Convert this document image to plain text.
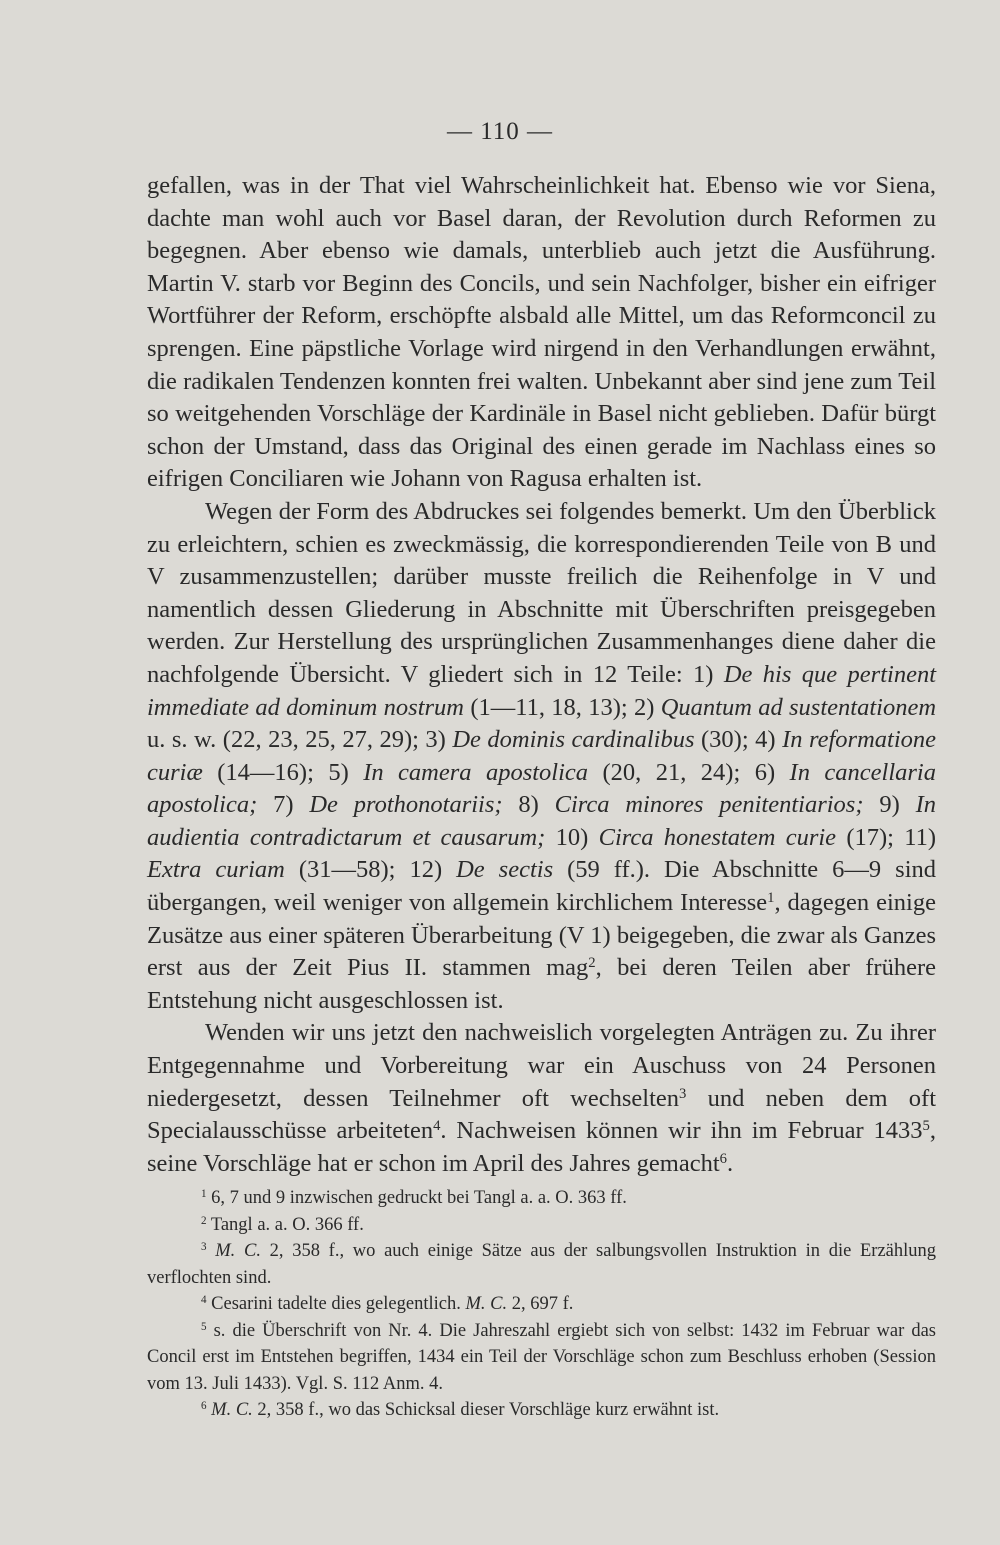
— 110 —

gefallen, was in der That viel Wahrscheinlichkeit hat. Ebenso wie vor Siena, dachte man wohl auch vor Basel daran, der Revolution durch Reformen zu begegnen. Aber ebenso wie damals, unterblieb auch jetzt die Ausführung. Martin V. starb vor Beginn des Concils, und sein Nachfolger, bisher ein eifriger Wortführer der Reform, erschöpfte alsbald alle Mittel, um das Reformconcil zu sprengen. Eine päpstliche Vorlage wird nirgend in den Verhandlungen erwähnt, die radikalen Tendenzen konnten frei walten. Unbekannt aber sind jene zum Teil so weitgehenden Vorschläge der Kardinäle in Basel nicht geblieben. Dafür bürgt schon der Umstand, dass das Original des einen gerade im Nachlass eines so eifrigen Conciliaren wie Johann von Ragusa erhalten ist.

Wegen der Form des Abdruckes sei folgendes bemerkt. Um den Überblick zu erleichtern, schien es zweckmässig, die korrespondierenden Teile von B und V zusammenzustellen; darüber musste freilich die Reihenfolge in V und namentlich dessen Gliederung in Abschnitte mit Überschriften preisgegeben werden. Zur Herstellung des ursprünglichen Zusammenhanges diene daher die nachfolgende Übersicht. V gliedert sich in 12 Teile: 1) De his que pertinent immediate ad dominum nostrum (1—11, 18, 13); 2) Quantum ad sustentationem u. s. w. (22, 23, 25, 27, 29); 3) De dominis cardinalibus (30); 4) In reformatione curiæ (14—16); 5) In camera apostolica (20, 21, 24); 6) In cancellaria apostolica; 7) De prothonotariis; 8) Circa minores penitentiarios; 9) In audientia contradictarum et causarum; 10) Circa honestatem curie (17); 11) Extra curiam (31—58); 12) De sectis (59 ff.). Die Abschnitte 6—9 sind übergangen, weil weniger von allgemein kirchlichem Interesse$^1$, dagegen einige Zusätze aus einer späteren Überarbeitung (V 1) beigegeben, die zwar als Ganzes erst aus der Zeit Pius II. stammen mag$^2$, bei deren Teilen aber frühere Entstehung nicht ausgeschlossen ist.

Wenden wir uns jetzt den nachweislich vorgelegten Anträgen zu. Zu ihrer Entgegennahme und Vorbereitung war ein Auschuss von 24 Personen niedergesetzt, dessen Teilnehmer oft wechselten$^3$ und neben dem oft Specialausschüsse arbeiteten$^4$. Nachweisen können wir ihn im Februar 1433$^5$, seine Vorschläge hat er schon im April des Jahres gemacht$^6$.

$^1$ 6, 7 und 9 inzwischen gedruckt bei Tangl a. a. O. 363 ff.

$^2$ Tangl a. a. O. 366 ff.

$^3$ M. C. 2, 358 f., wo auch einige Sätze aus der salbungsvollen Instruktion in die Erzählung verflochten sind.

$^4$ Cesarini tadelte dies gelegentlich. M. C. 2, 697 f.

$^5$ s. die Überschrift von Nr. 4. Die Jahreszahl ergiebt sich von selbst: 1432 im Februar war das Concil erst im Entstehen begriffen, 1434 ein Teil der Vorschläge schon zum Beschluss erhoben (Session vom 13. Juli 1433). Vgl. S. 112 Anm. 4.

$^6$ M. C. 2, 358 f., wo das Schicksal dieser Vorschläge kurz erwähnt ist.
